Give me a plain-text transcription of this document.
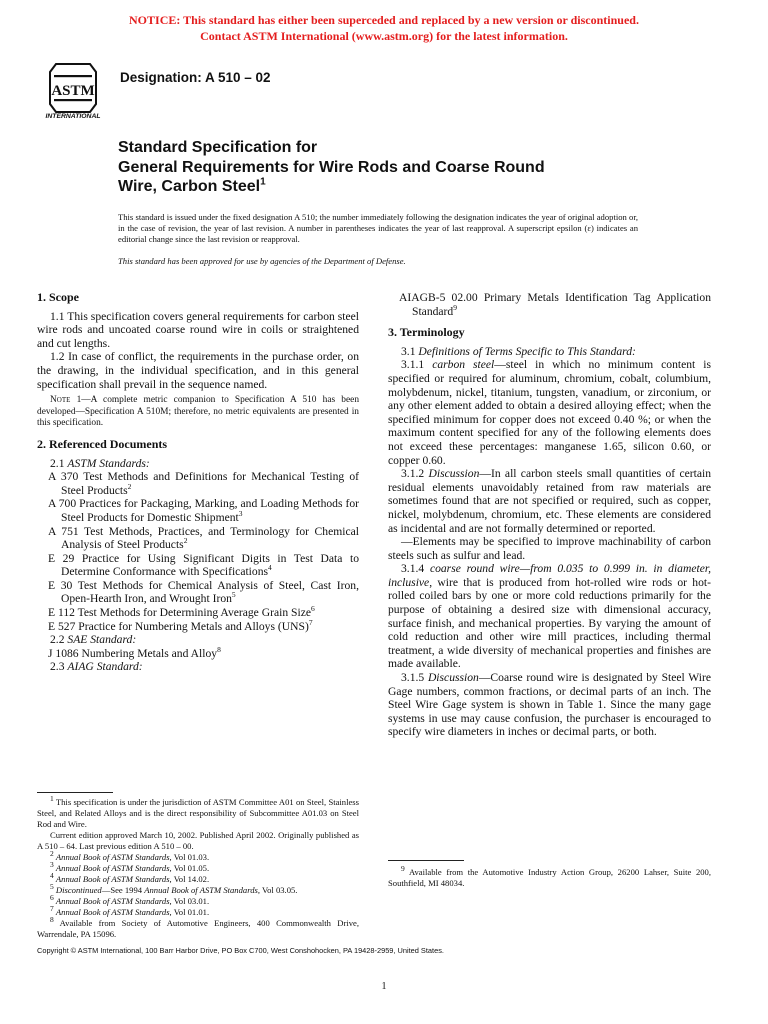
NOTICE: This standard has either been superceded and replaced by a new version or discontinued.
Contact ASTM International (www.astm.org) for the latest information.
ASTM
INTERNATIONAL
Designation: A 510 – 02
Standard Specification for
General Requirements for Wire Rods and Coarse Round
Wire, Carbon Steel$^1$
This standard is issued under the fixed designation A 510; the number immediately following the designation indicates the year of original adoption or, in the case of revision, the year of last revision. A number in parentheses indicates the year of last reapproval. A superscript epsilon (ε) indicates an editorial change since the last revision or reapproval.
This standard has been approved for use by agencies of the Department of Defense.
1. Scope

1.1 This specification covers general requirements for carbon steel wire rods and uncoated coarse round wire in coils or straightened and cut lengths.

1.2 In case of conflict, the requirements in the purchase order, on the drawing, in the individual specification, and in this general specification shall prevail in the sequence named.

Note 1—A complete metric companion to Specification A 510 has been developed—Specification A 510M; therefore, no metric equivalents are presented in this specification.

2. Referenced Documents

2.1 ASTM Standards:

A 370 Test Methods and Definitions for Mechanical Testing of Steel Products$^2$

A 700 Practices for Packaging, Marking, and Loading Methods for Steel Products for Domestic Shipment$^3$

A 751 Test Methods, Practices, and Terminology for Chemical Analysis of Steel Products$^2$

E 29 Practice for Using Significant Digits in Test Data to Determine Conformance with Specifications$^4$

E 30 Test Methods for Chemical Analysis of Steel, Cast Iron, Open-Hearth Iron, and Wrought Iron$^5$

E 112 Test Methods for Determining Average Grain Size$^6$

E 527 Practice for Numbering Metals and Alloys (UNS)$^7$

2.2 SAE Standard:

J 1086 Numbering Metals and Alloy$^8$

2.3 AIAG Standard:

AIAGB-5 02.00 Primary Metals Identification Tag Application Standard$^9$

3. Terminology

3.1 Definitions of Terms Specific to This Standard:

3.1.1 carbon steel—steel in which no minimum content is specified or required for aluminum, chromium, cobalt, columbium, molybdenum, nickel, titanium, tungsten, vanadium, or zirconium, or any other element added to obtain a desired alloying effect; when the specified minimum for copper does not exceed 0.40 %; or when the maximum content specified for any of the following elements does not exceed these percentages: manganese 1.65, silicon 0.60, or copper 0.60.

3.1.2 Discussion—In all carbon steels small quantities of certain residual elements unavoidably retained from raw materials are sometimes found that are not specified or required, such as copper, nickel, molybdenum, chromium, etc. These elements are considered as incidental and are not formally determined or reported.

—Elements may be specified to improve machinability of carbon steels such as sulfur and lead.

3.1.4 coarse round wire—from 0.035 to 0.999 in. in diameter, inclusive, wire that is produced from hot-rolled wire rods or hot-rolled coiled bars by one or more cold reductions primarily for the purpose of obtaining a desired size with dimensional accuracy, surface finish, and mechanical properties. By varying the amount of cold reduction and other wire mill practices, including thermal treatment, a wide diversity of mechanical properties and finishes are made available.

3.1.5 Discussion—Coarse round wire is designated by Steel Wire Gage numbers, common fractions, or decimal parts of an inch. The Steel Wire Gage system is shown in Table 1. Since the many gage systems in use may cause confusion, the purchaser is encouraged to specify wire diameters in inches or decimal parts, or both.

$^1$ This specification is under the jurisdiction of ASTM Committee A01 on Steel, Stainless Steel, and Related Alloys and is the direct responsibility of Subcommittee A01.03 on Steel Rod and Wire.

Current edition approved March 10, 2002. Published April 2002. Originally published as A 510 – 64. Last previous edition A 510 – 00.

$^2$ Annual Book of ASTM Standards, Vol 01.03.

$^3$ Annual Book of ASTM Standards, Vol 01.05.

$^4$ Annual Book of ASTM Standards, Vol 14.02.

$^5$ Discontinued—See 1994 Annual Book of ASTM Standards, Vol 03.05.

$^6$ Annual Book of ASTM Standards, Vol 03.01.

$^7$ Annual Book of ASTM Standards, Vol 01.01.

$^8$ Available from Society of Automotive Engineers, 400 Commonwealth Drive, Warrendale, PA 15096.

$^9$ Available from the Automotive Industry Action Group, 26200 Lahser, Suite 200, Southfield, MI 48034.

Copyright © ASTM International, 100 Barr Harbor Drive, PO Box C700, West Conshohocken, PA 19428-2959, United States.
1
